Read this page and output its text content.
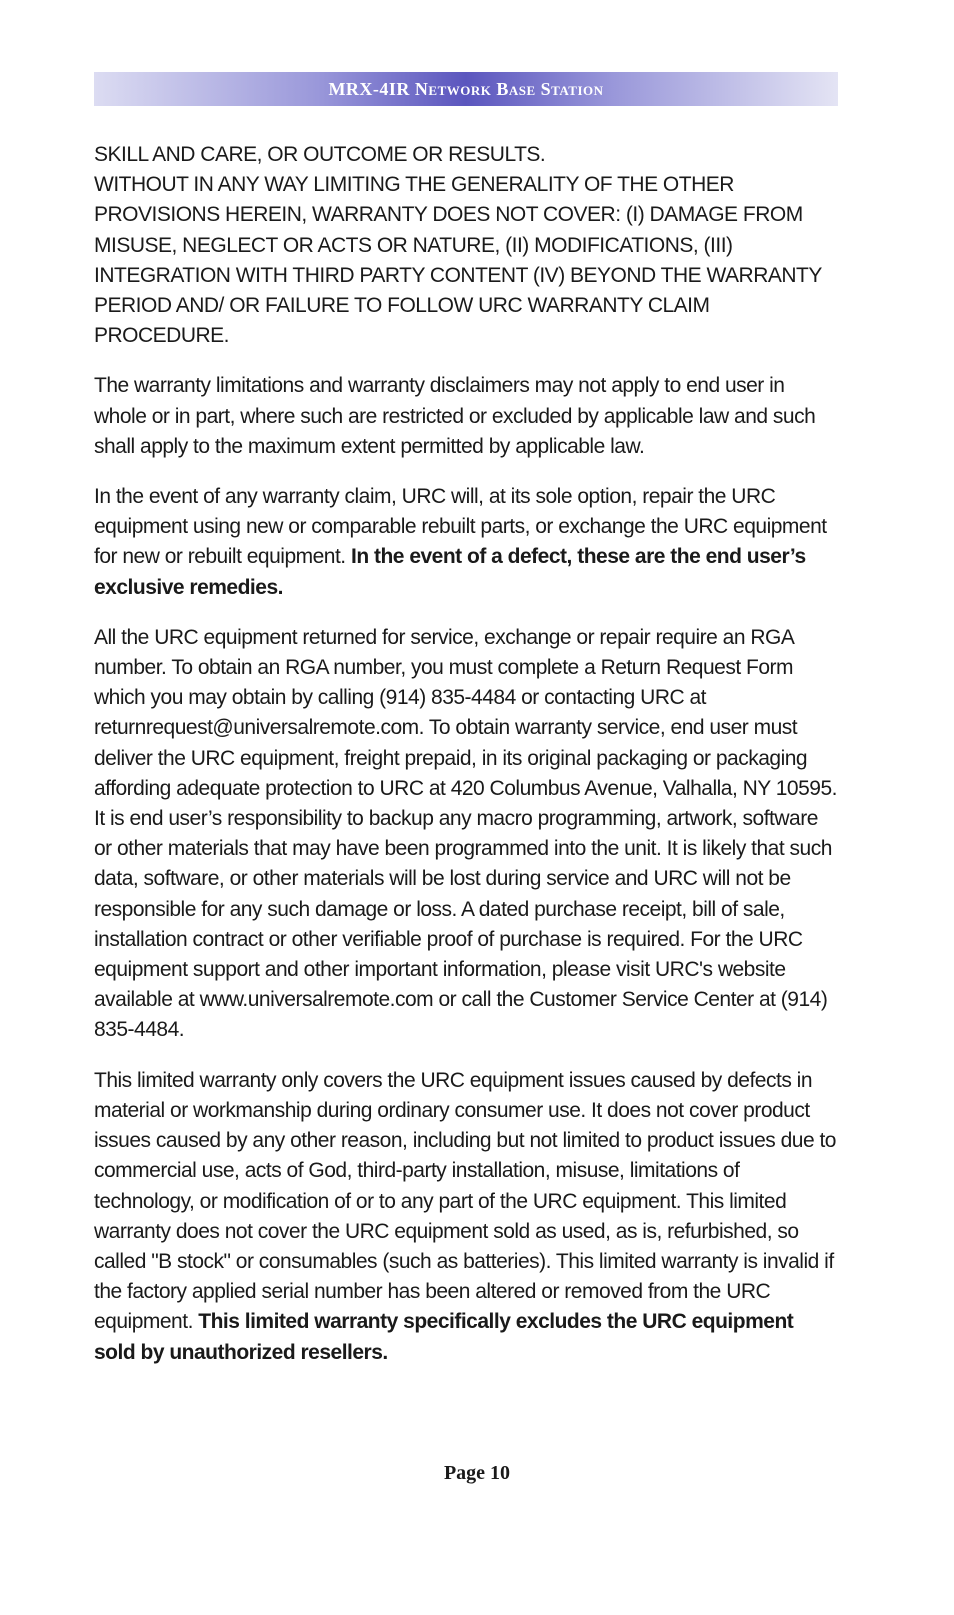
MRX-4IR Network Base Station

SKILL AND CARE, OR OUTCOME OR RESULTS.
WITHOUT IN ANY WAY LIMITING THE GENERALITY OF THE OTHER PROVISIONS HEREIN, WARRANTY DOES NOT COVER: (I) DAMAGE FROM MISUSE, NEGLECT OR ACTS OR NATURE, (II) MODIFICATIONS, (III) INTEGRATION WITH THIRD PARTY CONTENT (IV) BEYOND THE WARRANTY PERIOD AND/ OR FAILURE TO FOLLOW URC WARRANTY CLAIM PROCEDURE.

The warranty limitations and warranty disclaimers may not apply to end user in whole or in part, where such are restricted or excluded by applicable law and such shall apply to the maximum extent permitted by applicable law.

In the event of any warranty claim, URC will, at its sole option, repair the URC equipment using new or comparable rebuilt parts, or exchange the URC equipment for new or rebuilt equipment. In the event of a defect, these are the end user’s exclusive remedies.

All the URC equipment returned for service, exchange or repair require an RGA number. To obtain an RGA number, you must complete a Return Request Form which you may obtain by calling (914) 835-4484 or contacting URC at returnrequest@universalremote.com. To obtain warranty service, end user must deliver the URC equipment, freight prepaid, in its original packaging or packaging affording adequate protection to URC at 420 Columbus Avenue, Valhalla, NY 10595. It is end user’s responsibility to backup any macro programming, artwork, software or other materials that may have been programmed into the unit. It is likely that such data, software, or other materials will be lost during service and URC will not be responsible for any such damage or loss. A dated purchase receipt, bill of sale, installation contract or other verifiable proof of purchase is required. For the URC equipment support and other important information, please visit URC's website available at www.universalremote.com or call the Customer Service Center at (914) 835-4484.

This limited warranty only covers the URC equipment issues caused by defects in material or workmanship during ordinary consumer use. It does not cover product issues caused by any other reason, including but not limited to product issues due to commercial use, acts of God, third-party installation, misuse, limitations of technology, or modification of or to any part of the URC equipment. This limited warranty does not cover the URC equipment sold as used, as is, refurbished, so called "B stock" or consumables (such as batteries). This limited warranty is invalid if the factory applied serial number has been altered or removed from the URC equipment. This limited warranty specifically excludes the URC equipment sold by unauthorized resellers.

Page 10
